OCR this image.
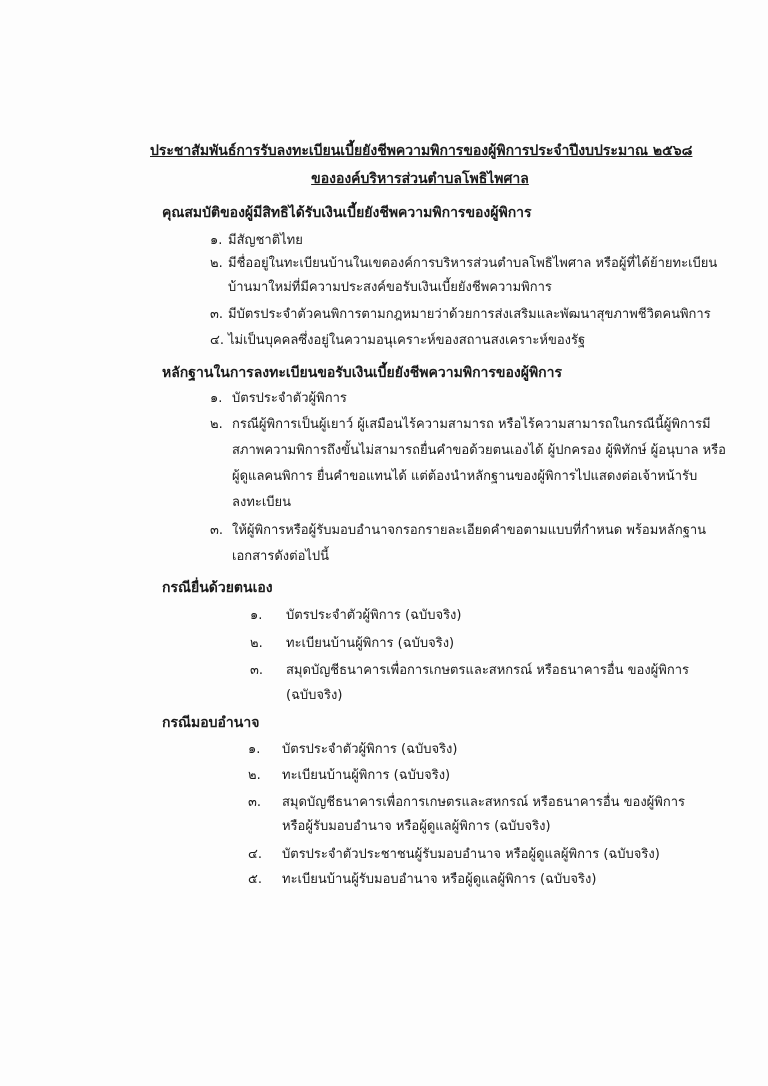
ประชาสัมพันธ์การรับลงทะเบียนเบี้ยยังชีพความพิการของผู้พิการประจำปีงบประมาณ ๒๕๖๘
ขององค์บริหารส่วนตำบลโพธิไพศาล
คุณสมบัติของผู้มีสิทธิได้รับเงินเบี้ยยังชีพความพิการของผู้พิการ
๑. มีสัญชาติไทย
๒. มีชื่ออยู่ในทะเบียนบ้านในเขตองค์การบริหารส่วนตำบลโพธิไพศาล หรือผู้ที่ได้ย้ายทะเบียน
บ้านมาใหม่ที่มีความประสงค์ขอรับเงินเบี้ยยังชีพความพิการ
๓. มีบัตรประจำตัวคนพิการตามกฎหมายว่าด้วยการส่งเสริมและพัฒนาสุขภาพชีวิตคนพิการ
๔. ไม่เป็นบุคคลซึ่งอยู่ในความอนุเคราะห์ของสถานสงเคราะห์ของรัฐ
หลักฐานในการลงทะเบียนขอรับเงินเบี้ยยังชีพความพิการของผู้พิการ
๑. บัตรประจำตัวผู้พิการ
๒. กรณีผู้พิการเป็นผู้เยาว์ ผู้เสมือนไร้ความสามารถ หรือไร้ความสามารถในกรณีนี้ผู้พิการมี
สภาพความพิการถึงขั้นไม่สามารถยื่นคำขอด้วยตนเองได้ ผู้ปกครอง ผู้พิทักษ์ ผู้อนุบาล หรือ
ผู้ดูแลคนพิการ ยื่นคำขอแทนได้ แต่ต้องนำหลักฐานของผู้พิการไปแสดงต่อเจ้าหน้ารับ
ลงทะเบียน
๓. ให้ผู้พิการหรือผู้รับมอบอำนาจกรอกรายละเอียดคำขอตามแบบที่กำหนด พร้อมหลักฐาน
เอกสารดังต่อไปนี้
กรณียื่นด้วยตนเอง
๑. บัตรประจำตัวผู้พิการ (ฉบับจริง)
๒. ทะเบียนบ้านผู้พิการ (ฉบับจริง)
๓. สมุดบัญชีธนาคารเพื่อการเกษตรและสหกรณ์ หรือธนาคารอื่น ของผู้พิการ
(ฉบับจริง)
กรณีมอบอำนาจ
๑. บัตรประจำตัวผู้พิการ (ฉบับจริง)
๒. ทะเบียนบ้านผู้พิการ (ฉบับจริง)
๓. สมุดบัญชีธนาคารเพื่อการเกษตรและสหกรณ์ หรือธนาคารอื่น ของผู้พิการ
หรือผู้รับมอบอำนาจ หรือผู้ดูแลผู้พิการ (ฉบับจริง)
๔. บัตรประจำตัวประชาชนผู้รับมอบอำนาจ หรือผู้ดูแลผู้พิการ (ฉบับจริง)
๕. ทะเบียนบ้านผู้รับมอบอำนาจ หรือผู้ดูแลผู้พิการ (ฉบับจริง)
